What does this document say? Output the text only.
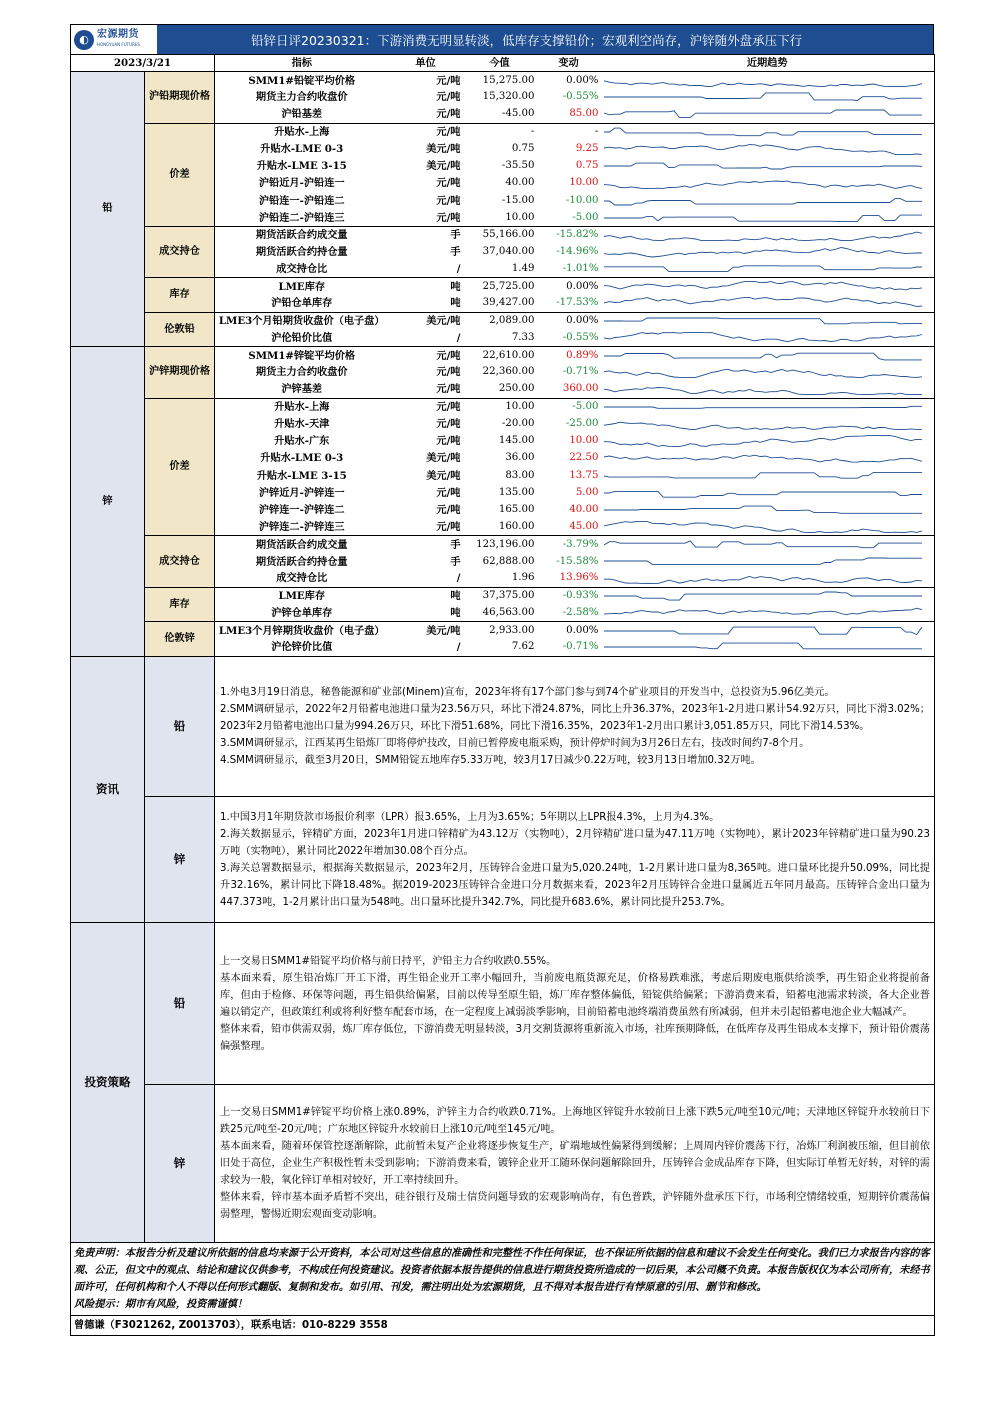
◐ 宏源期货
HONGYUAN FUTURES	铅锌日评20230321：下游消费无明显转淡，低库存支撑铅价；宏观利空尚存，沪锌随外盘承压下行
2023/3/21		指标	单位	今值	变动	近期趋势
铅	沪铅期现价格	SMM1#铅锭平均价格	元/吨	15,275.00	0.00%	

		期货主力合约收盘价	元/吨	15,320.00	-0.55%	

		沪铅基差	元/吨	-45.00	85.00	

	价差	升贴水-上海	元/吨	-	-	

		升贴水-LME 0-3	美元/吨	0.75	9.25	

		升贴水-LME 3-15	美元/吨	-35.50	0.75	

		沪铅近月-沪铅连一	元/吨	40.00	10.00	

		沪铅连一-沪铅连二	元/吨	-15.00	-10.00	

		沪铅连二-沪铅连三	元/吨	10.00	-5.00	

	成交持仓	期货活跃合约成交量	手	55,166.00	-15.82%	

		期货活跃合约持仓量	手	37,040.00	-14.96%	

		成交持仓比	/	1.49	-1.01%	

	库存	LME库存	吨	25,725.00	0.00%	

		沪铅仓单库存	吨	39,427.00	-17.53%	

	伦敦铅	LME3个月铅期货收盘价（电子盘）	美元/吨	2,089.00	0.00%	

		沪伦铅价比值	/	7.33	-0.55%	

锌	沪锌期现价格	SMM1#锌锭平均价格	元/吨	22,610.00	0.89%	

		期货主力合约收盘价	元/吨	22,360.00	-0.71%	

		沪锌基差	元/吨	250.00	360.00	

	价差	升贴水-上海	元/吨	10.00	-5.00	

		升贴水-天津	元/吨	-20.00	-25.00	

		升贴水-广东	元/吨	145.00	10.00	

		升贴水-LME 0-3	美元/吨	36.00	22.50	

		升贴水-LME 3-15	美元/吨	83.00	13.75	

		沪锌近月-沪锌连一	元/吨	135.00	5.00	

		沪锌连一-沪锌连二	元/吨	165.00	40.00	

		沪锌连二-沪锌连三	元/吨	160.00	45.00	

	成交持仓	期货活跃合约成交量	手	123,196.00	-3.79%	

		期货活跃合约持仓量	手	62,888.00	-15.58%	

		成交持仓比	/	1.96	13.96%	

	库存	LME库存	吨	37,375.00	-0.93%	

		沪锌仓单库存	吨	46,563.00	-2.58%	

	伦敦锌	LME3个月锌期货收盘价（电子盘）	美元/吨	2,933.00	0.00%	

		沪伦锌价比值	/	7.62	-0.71%	
资讯	铅	1.外电3月19日消息，秘鲁能源和矿业部(Minem)宣布，2023年将有17个部门参与到74个矿业项目的开发当中，总投资为5.96亿美元。

2.SMM调研显示，2022年2月铅蓄电池进口量为23.56万只，环比下滑24.87%，同比上升36.37%，2023年1-2月进口累计54.92万只，同比下滑3.02%；2023年2月铅蓄电池出口量为994.26万只，环比下滑51.68%，同比下滑16.35%，2023年1-2月出口累计3,051.85万只，同比下滑14.53%。

3.SMM调研显示，江西某再生铅炼厂即将停炉技改，目前已暂停废电瓶采购，预计停炉时间为3月26日左右，技改时间约7-8个月。

4.SMM调研显示，截至3月20日，SMM铅锭五地库存5.33万吨，较3月17日减少0.22万吨，较3月13日增加0.32万吨。

	锌	1.中国3月1年期贷款市场报价利率（LPR）报3.65%，上月为3.65%；5年期以上LPR报4.3%，上月为4.3%。

2.海关数据显示，锌精矿方面，2023年1月进口锌精矿为43.12万（实物吨），2月锌精矿进口量为47.11万吨（实物吨），累计2023年锌精矿进口量为90.23万吨（实物吨），累计同比2022年增加30.08个百分点。

3.海关总署数据显示，根据海关数据显示，2023年2月，压铸锌合金进口量为5,020.24吨，1-2月累计进口量为8,365吨。进口量环比提升50.09%，同比提升32.16%，累计同比下降18.48%。据2019-2023压铸锌合金进口分月数据来看，2023年2月压铸锌合金进口量属近五年同月最高。压铸锌合金出口量为447.373吨，1-2月累计出口量为548吨。出口量环比提升342.7%，同比提升683.6%，累计同比提升253.7%。

投资策略	铅	上一交易日SMM1#铅锭平均价格与前日持平，沪铅主力合约收跌0.55%。

基本面来看，原生铅冶炼厂开工下滑，再生铅企业开工率小幅回升，当前废电瓶货源充足，价格易跌难涨，考虑后期废电瓶供给淡季，再生铅企业将提前备库，但由于检修、环保等问题，再生铅供给偏紧，目前以传导至原生铅，炼厂库存整体偏低，铅锭供给偏紧；下游消费来看，铅蓄电池需求转淡，各大企业普遍以销定产，但政策红利或将利好整车配套市场，在一定程度上减弱淡季影响，目前铅蓄电池终端消费虽然有所减弱，但并未引起铅蓄电池企业大幅减产。

整体来看，铅市供需双弱，炼厂库存低位，下游消费无明显转淡，3月交割货源将重新流入市场，社库预期降低，在低库存及再生铅成本支撑下，预计铅价震荡偏强整理。

	锌	上一交易日SMM1#锌锭平均价格上涨0.89%，沪锌主力合约收跌0.71%。上海地区锌锭升水较前日上涨下跌5元/吨至10元/吨；天津地区锌锭升水较前日下跌25元/吨至-20元/吨；广东地区锌锭升水较前日上涨10元/吨至145元/吨。

基本面来看，随着环保管控逐渐解除，此前暂未复产企业将逐步恢复生产，矿端地域性偏紧得到缓解；上周周内锌价震荡下行，冶炼厂利润被压缩，但目前依旧处于高位，企业生产积极性暂未受到影响；下游消费来看，镀锌企业开工随环保问题解除回升，压铸锌合金成品库存下降，但实际订单暂无好转，对锌的需求较为一般，氧化锌订单相对较好，开工率持续回升。

整体来看，锌市基本面矛盾暂不突出，硅谷银行及瑞士信贷问题导致的宏观影响尚存，有色普跌，沪锌随外盘承压下行，市场利空情绪较重，短期锌价震荡偏弱整理，警惕近期宏观面变动影响。

免责声明：本报告分析及建议所依据的信息均来源于公开资料，本公司对这些信息的准确性和完整性不作任何保证，也不保证所依据的信息和建议不会发生任何变化。我们已力求报告内容的客观、公正，但文中的观点、结论和建议仅供参考，不构成任何投资建议。投资者依据本报告提供的信息进行期货投资所造成的一切后果，本公司概不负责。本报告版权仅为本公司所有，未经书面许可，任何机构和个人不得以任何形式翻版、复制和发布。如引用、刊发，需注明出处为宏源期货，且不得对本报告进行有悖原意的引用、删节和修改。
风险提示：期市有风险，投资需谨慎！		

曾德谦（F3021262, Z0013703），联系电话：010-8229 3558		
